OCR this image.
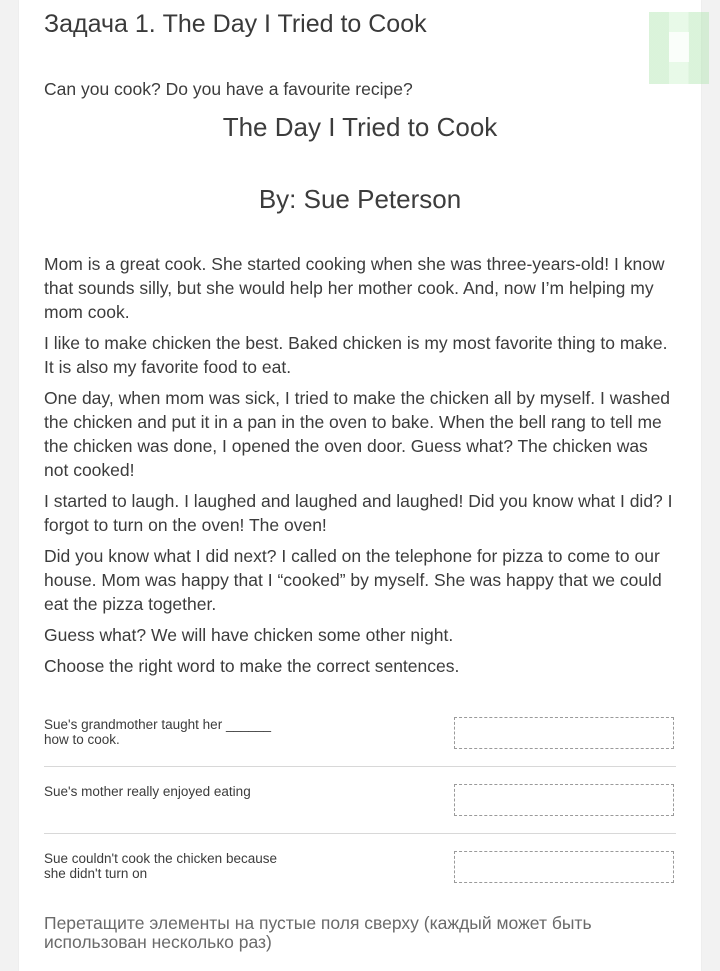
Задача 1. The Day I Tried to Cook
Can you cook? Do you have a favourite recipe?
The Day I Tried to Cook
By: Sue Peterson

Mom is a great cook. She started cooking when she was three-years-old! I know that sounds silly, but she would help her mother cook. And, now I’m helping my mom cook.

I like to make chicken the best. Baked chicken is my most favorite thing to make. It is also my favorite food to eat.

One day, when mom was sick, I tried to make the chicken all by myself. I washed the chicken and put it in a pan in the oven to bake. When the bell rang to tell me the chicken was done, I opened the oven door. Guess what? The chicken was not cooked!

I started to laugh. I laughed and laughed and laughed! Did you know what I did? I forgot to turn on the oven! The oven!

Did you know what I did next? I called on the telephone for pizza to come to our house. Mom was happy that I “cooked” by myself. She was happy that we could eat the pizza together.

Guess what? We will have chicken some other night.

Choose the right word to make the correct sentences.
Sue's grandmother taught her ______ how to cook.
Sue's mother really enjoyed eating
Sue couldn't cook the chicken because she didn't turn on
Перетащите элементы на пустые поля сверху (каждый может быть использован несколько раз)
